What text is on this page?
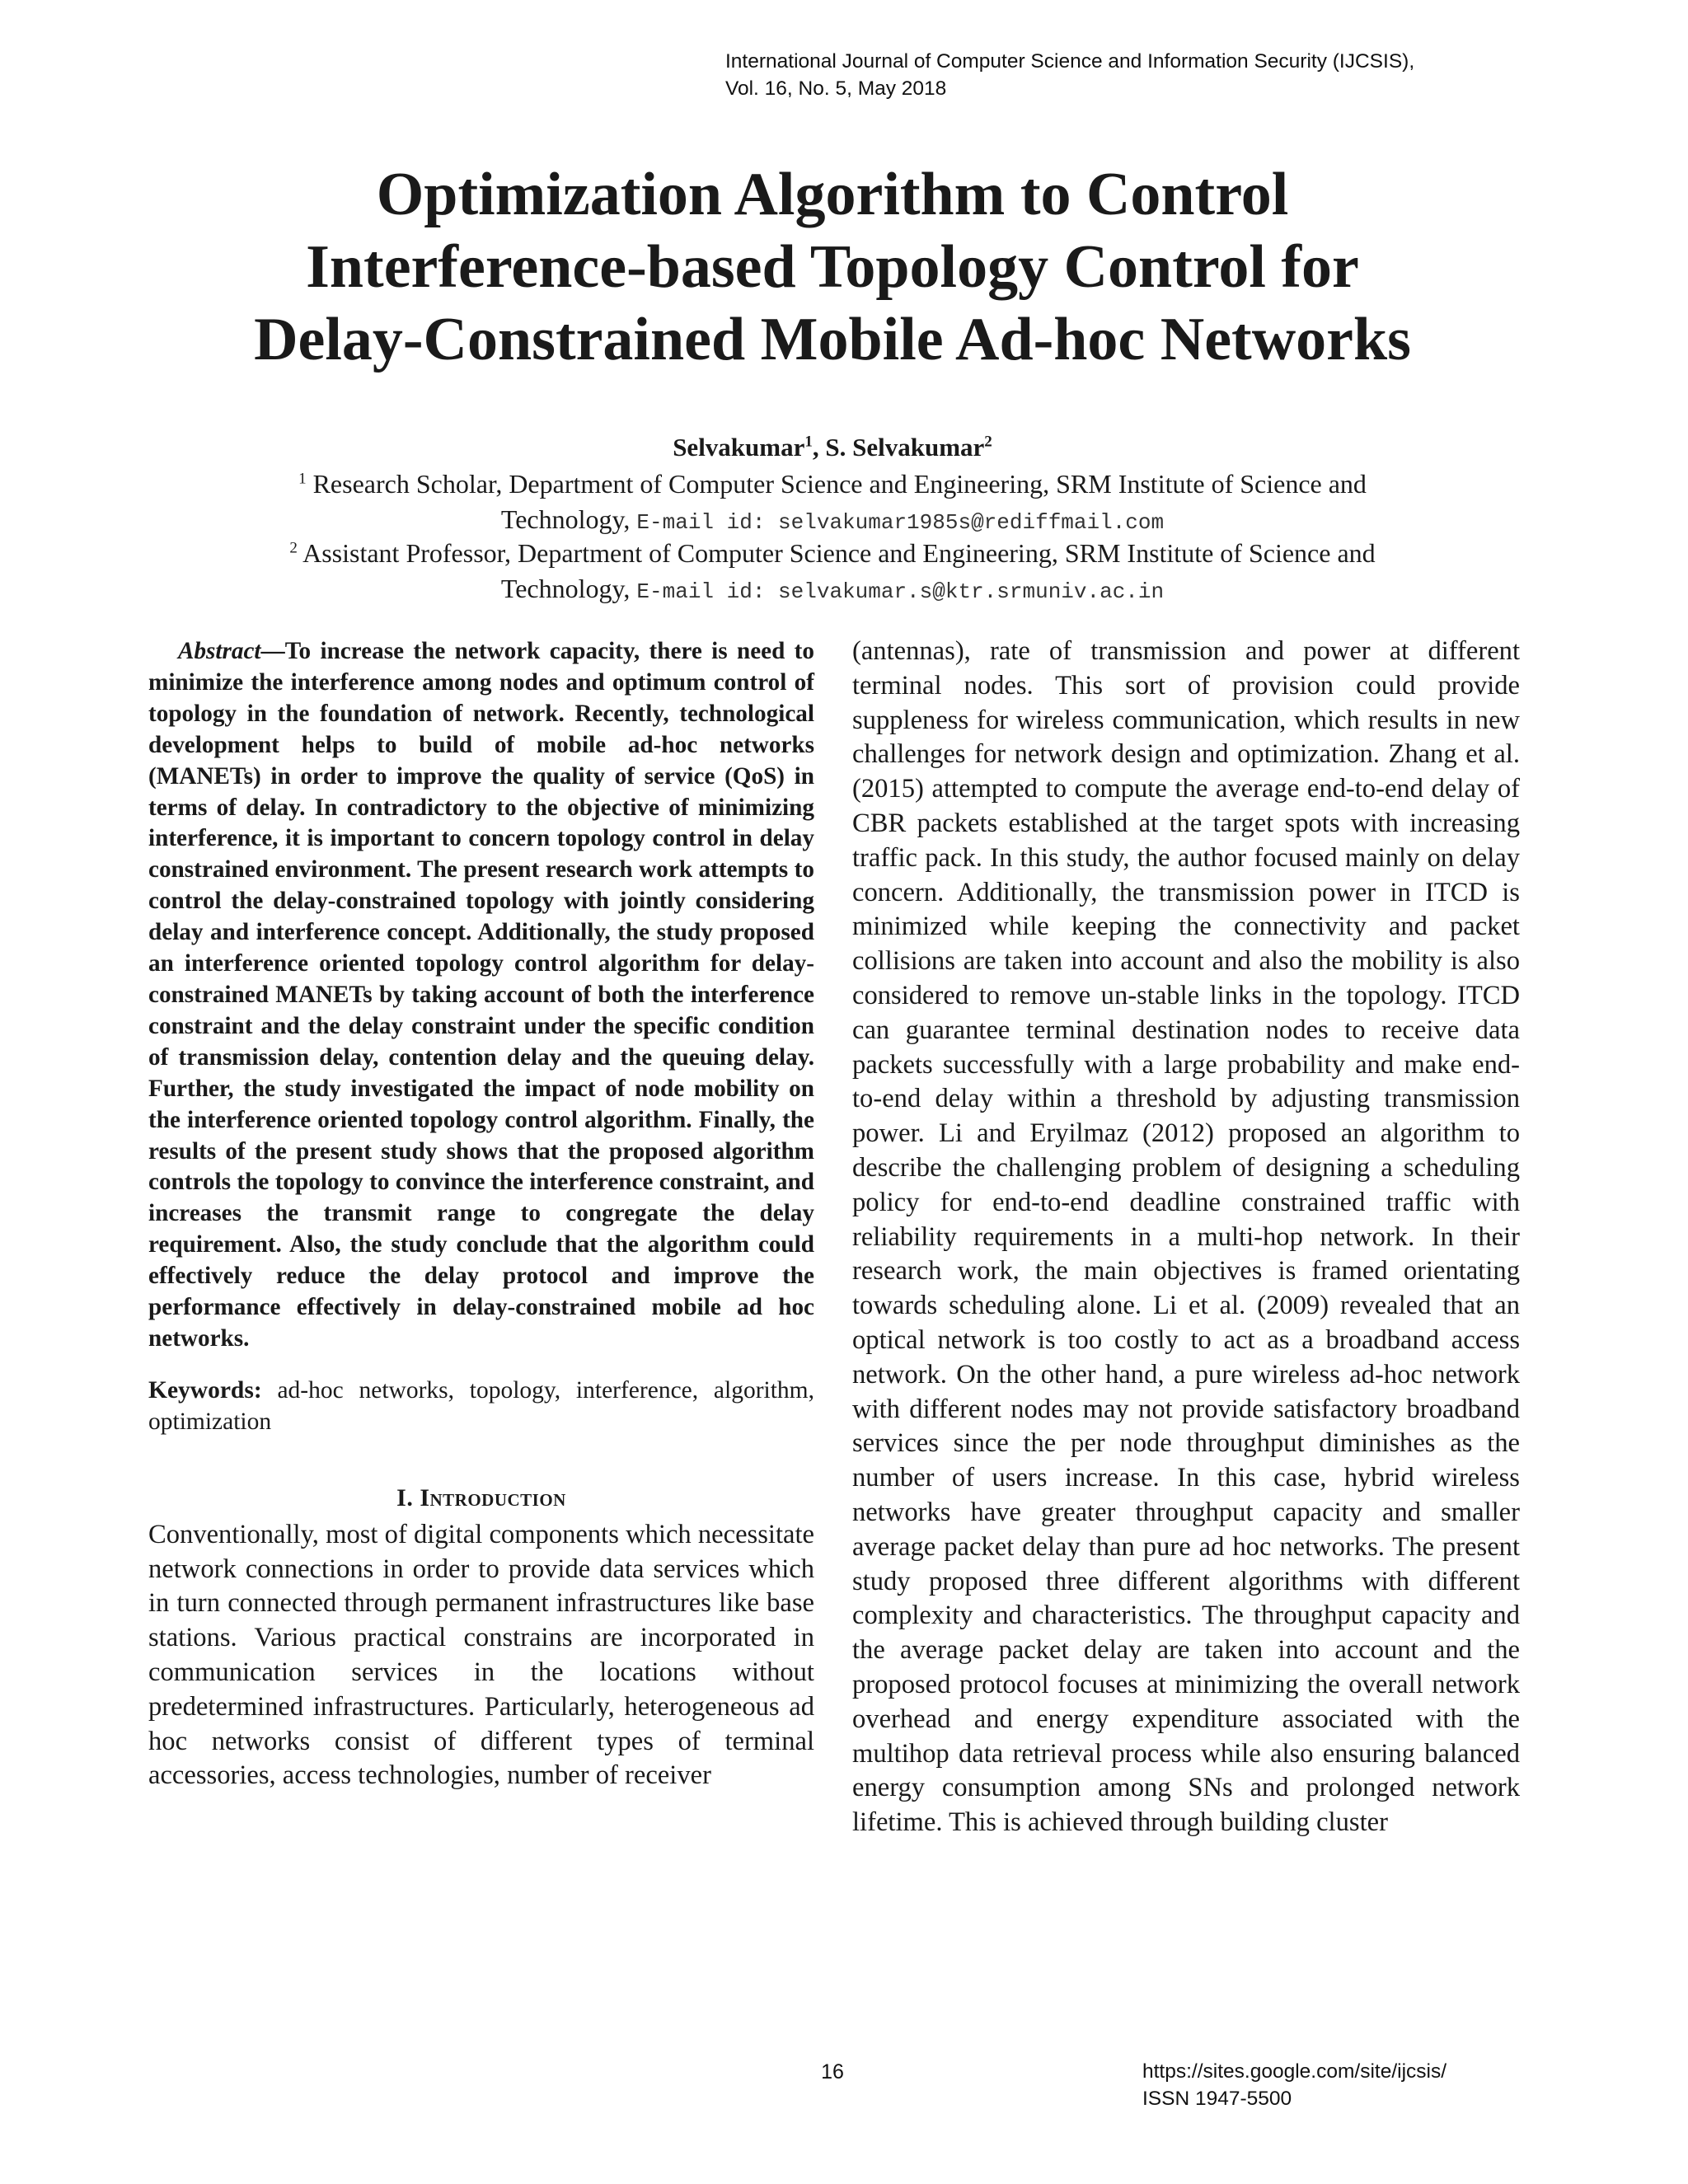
International Journal of Computer Science and Information Security (IJCSIS),
Vol. 16, No. 5, May 2018
Optimization Algorithm to Control
Interference-based Topology Control for
Delay-Constrained Mobile Ad-hoc Networks
Selvakumar$^1$, S. Selvakumar$^2$
$^1$ Research Scholar, Department of Computer Science and Engineering, SRM Institute of Science and
Technology, E-mail id: selvakumar1985s@rediffmail.com
$^2$ Assistant Professor, Department of Computer Science and Engineering, SRM Institute of Science and
Technology, E-mail id: selvakumar.s@ktr.srmuniv.ac.in

Abstract—To increase the network capacity, there is need to minimize the interference among nodes and optimum control of topology in the foundation of network. Recently, technological development helps to build of mobile ad-hoc networks (MANETs) in order to improve the quality of service (QoS) in terms of delay. In contradictory to the objective of minimizing interference, it is important to concern topology control in delay constrained environment. The present research work attempts to control the delay-constrained topology with jointly considering delay and interference concept. Additionally, the study proposed an interference oriented topology control algorithm for delay-constrained MANETs by taking account of both the interference constraint and the delay constraint under the specific condition of transmission delay, contention delay and the queuing delay. Further, the study investigated the impact of node mobility on the interference oriented topology control algorithm. Finally, the results of the present study shows that the proposed algorithm controls the topology to convince the interference constraint, and increases the transmit range to congregate the delay requirement. Also, the study conclude that the algorithm could effectively reduce the delay protocol and improve the performance effectively in delay-constrained mobile ad hoc networks.

Keywords: ad-hoc networks, topology, interference, algorithm, optimization

I. Introduction

Conventionally, most of digital components which necessitate network connections in order to provide data services which in turn connected through permanent infrastructures like base stations. Various practical constrains are incorporated in communication services in the locations without predetermined infrastructures. Particularly, heterogeneous ad hoc networks consist of different types of terminal accessories, access technologies, number of receiver

(antennas), rate of transmission and power at different terminal nodes. This sort of provision could provide suppleness for wireless communication, which results in new challenges for network design and optimization. Zhang et al. (2015) attempted to compute the average end-to-end delay of CBR packets established at the target spots with increasing traffic pack. In this study, the author focused mainly on delay concern. Additionally, the transmission power in ITCD is minimized while keeping the connectivity and packet collisions are taken into account and also the mobility is also considered to remove un-stable links in the topology. ITCD can guarantee terminal destination nodes to receive data packets successfully with a large probability and make end-to-end delay within a threshold by adjusting transmission power. Li and Eryilmaz (2012) proposed an algorithm to describe the challenging problem of designing a scheduling policy for end-to-end deadline constrained traffic with reliability requirements in a multi-hop network. In their research work, the main objectives is framed orientating towards scheduling alone. Li et al. (2009) revealed that an optical network is too costly to act as a broadband access network. On the other hand, a pure wireless ad-hoc network with different nodes may not provide satisfactory broadband services since the per node throughput diminishes as the number of users increase. In this case, hybrid wireless networks have greater throughput capacity and smaller average packet delay than pure ad hoc networks. The present study proposed three different algorithms with different complexity and characteristics. The throughput capacity and the average packet delay are taken into account and the proposed protocol focuses at minimizing the overall network overhead and energy expenditure associated with the multihop data retrieval process while also ensuring balanced energy consumption among SNs and prolonged network lifetime. This is achieved through building cluster

16	https://sites.google.com/site/ijcsis/
ISSN 1947-5500
